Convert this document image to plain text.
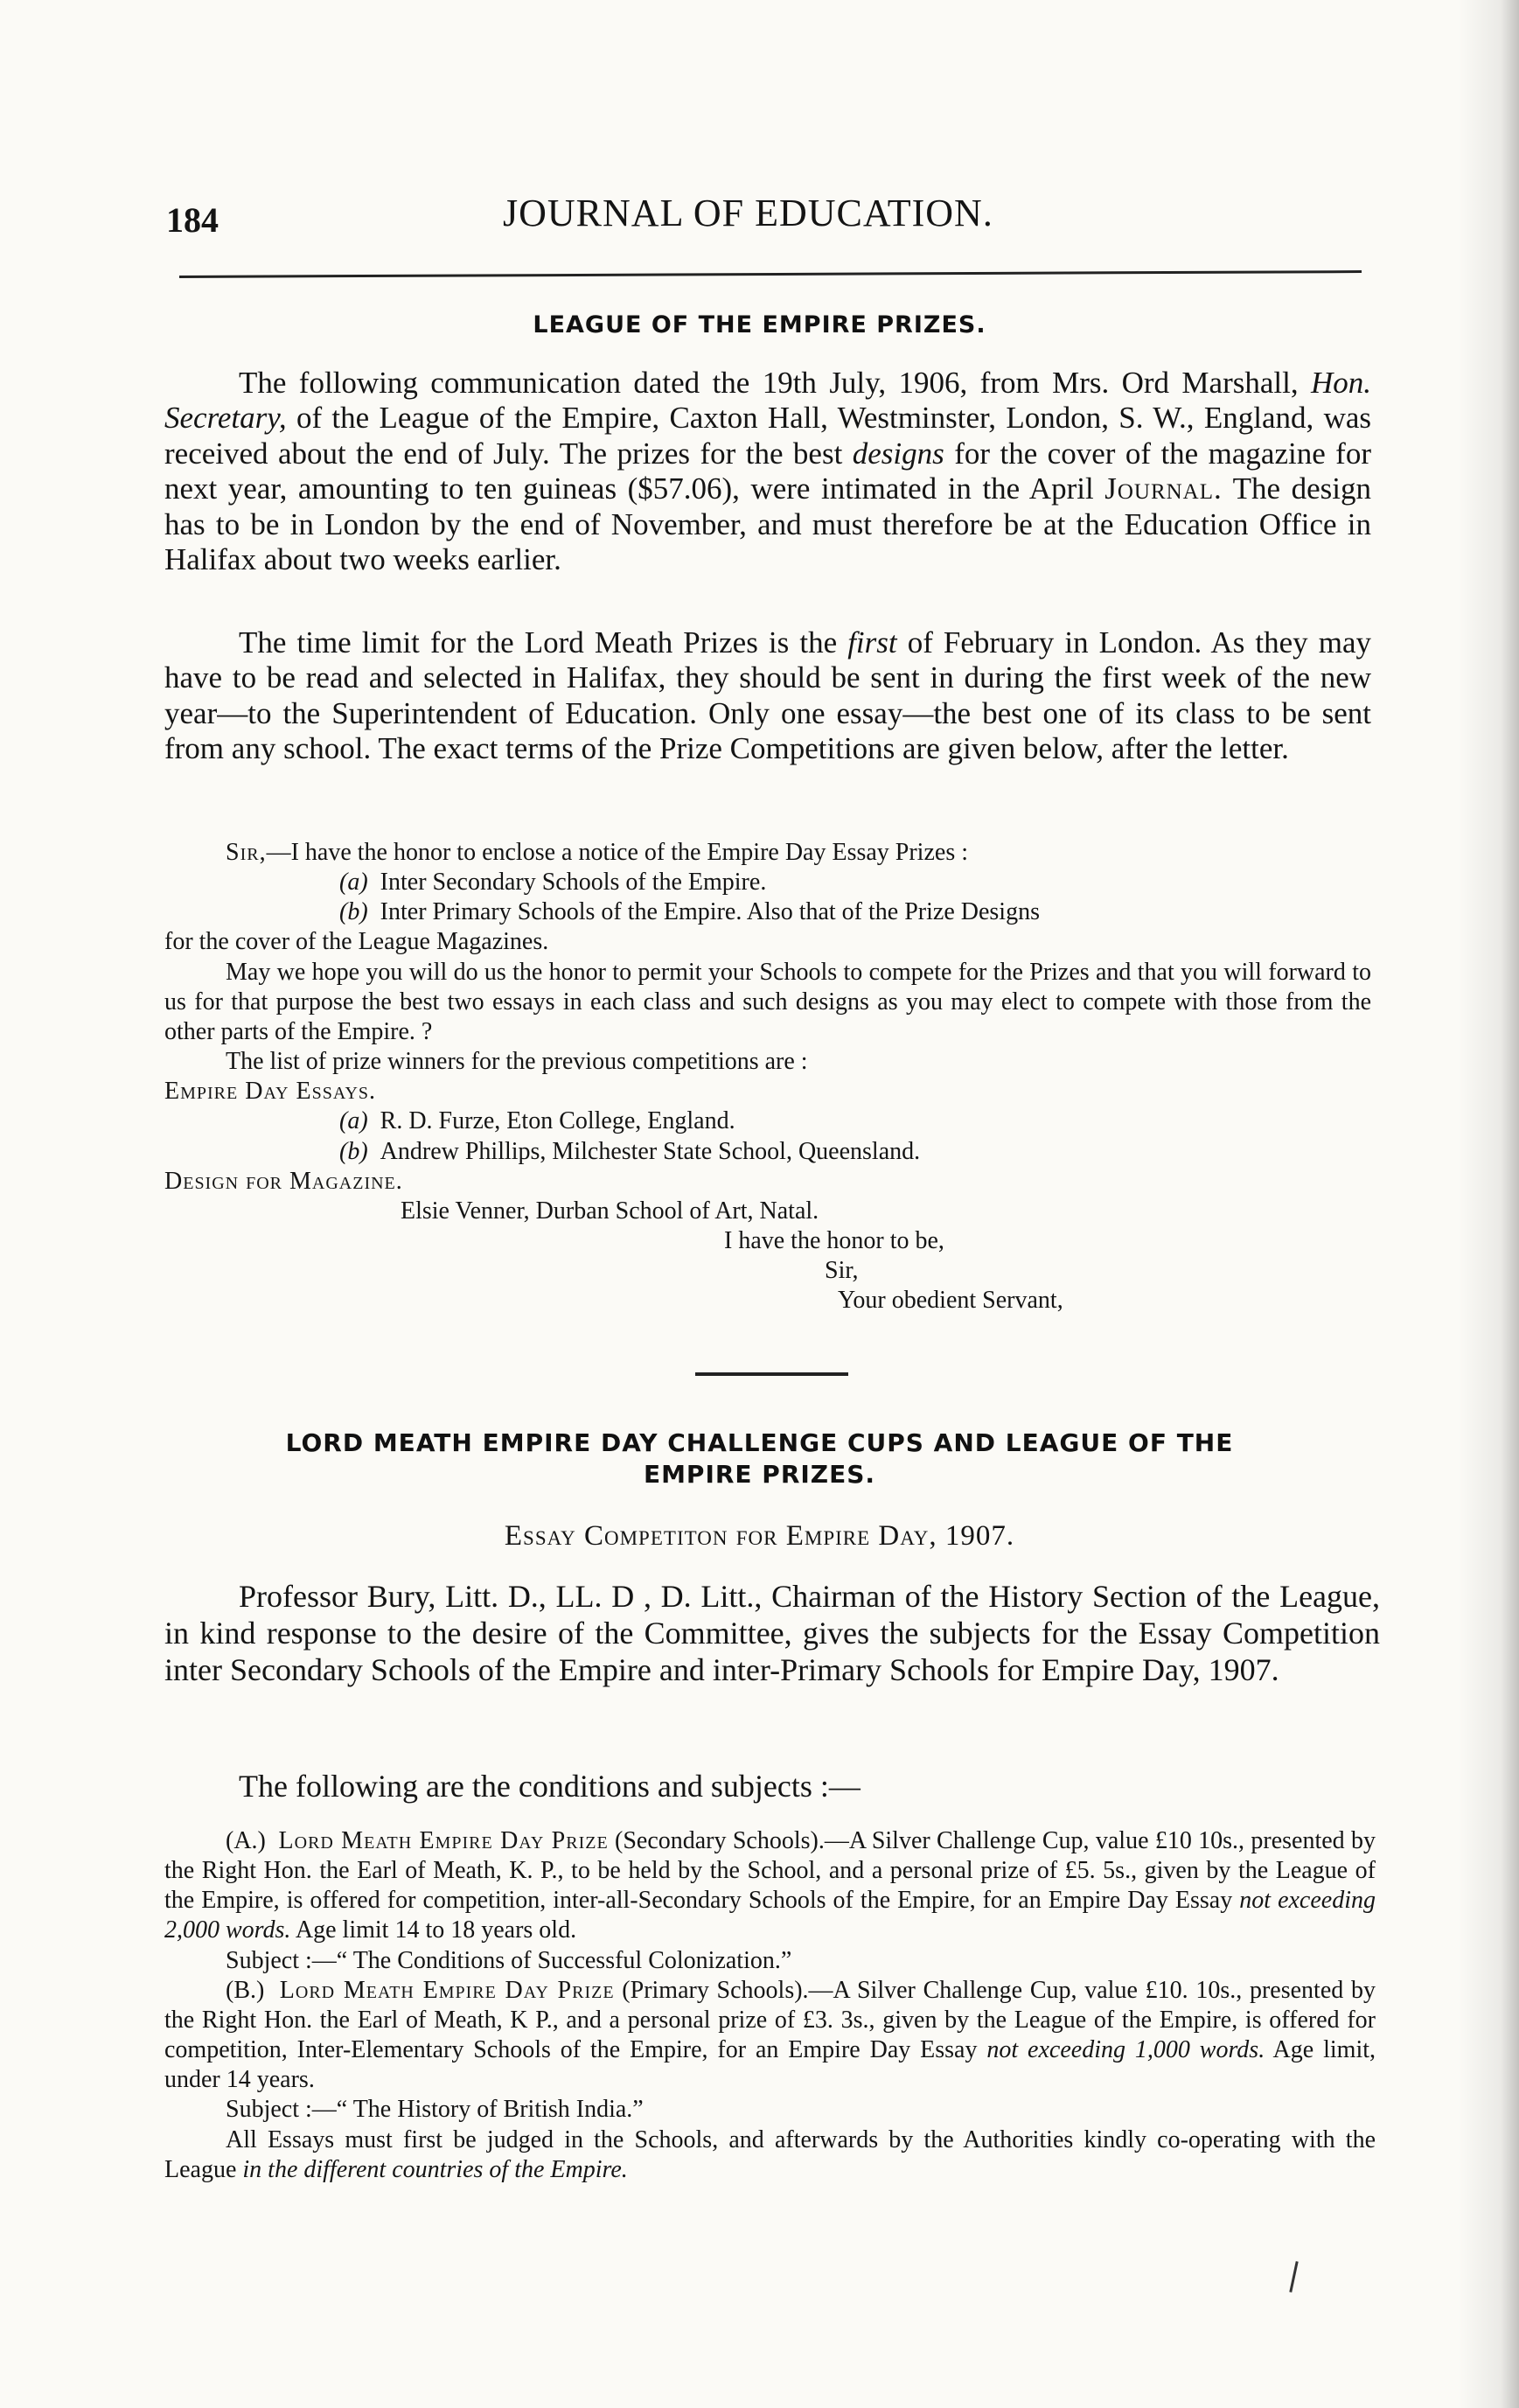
184	JOURNAL OF EDUCATION.
LEAGUE OF THE EMPIRE PRIZES.
The following communication dated the 19th July, 1906, from Mrs. Ord Marshall, Hon. Secretary, of the League of the Empire, Caxton Hall, Westminster, London, S. W., England, was received about the end of July. The prizes for the best designs for the cover of the magazine for next year, amounting to ten guineas ($57.06), were intimated in the April Journal. The design has to be in London by the end of November, and must therefore be at the Education Office in Halifax about two weeks earlier.
The time limit for the Lord Meath Prizes is the first of February in London. As they may have to be read and selected in Halifax, they should be sent in during the first week of the new year—to the Superintendent of Education. Only one essay—the best one of its class to be sent from any school. The exact terms of the Prize Competitions are given below, after the letter.
Sir,—I have the honor to enclose a notice of the Empire Day Essay Prizes :
(a) Inter Secondary Schools of the Empire.
(b) Inter Primary Schools of the Empire. Also that of the Prize Designs
for the cover of the League Magazines.
May we hope you will do us the honor to permit your Schools to compete for the Prizes and that you will forward to us for that purpose the best two essays in each class and such designs as you may elect to compete with those from the other parts of the Empire. ?
The list of prize winners for the previous competitions are :
Empire Day Essays.
(a) R. D. Furze, Eton College, England.
(b) Andrew Phillips, Milchester State School, Queensland.
Design for Magazine.
Elsie Venner, Durban School of Art, Natal.
I have the honor to be,
Sir,
Your obedient Servant,
LORD MEATH EMPIRE DAY CHALLENGE CUPS AND LEAGUE OF THE
EMPIRE PRIZES.
Essay Competiton for Empire Day, 1907.
Professor Bury, Litt. D., LL. D , D. Litt., Chairman of the History Section of the League, in kind response to the desire of the Committee, gives the subjects for the Essay Competition inter Secondary Schools of the Empire and inter-Primary Schools for Empire Day, 1907.
The following are the conditions and subjects :—
(A.) Lord Meath Empire Day Prize (Secondary Schools).—A Silver Challenge Cup, value £10 10s., presented by the Right Hon. the Earl of Meath, K. P., to be held by the School, and a personal prize of £5. 5s., given by the League of the Empire, is offered for competition, inter-all-Secondary Schools of the Empire, for an Empire Day Essay not exceeding 2,000 words. Age limit 14 to 18 years old.
Subject :—“ The Conditions of Successful Colonization.”
(B.) Lord Meath Empire Day Prize (Primary Schools).—A Silver Challenge Cup, value £10. 10s., presented by the Right Hon. the Earl of Meath, K P., and a personal prize of £3. 3s., given by the League of the Empire, is offered for competition, Inter-Elementary Schools of the Empire, for an Empire Day Essay not exceeding 1,000 words. Age limit, under 14 years.
Subject :—“ The History of British India.”
All Essays must first be judged in the Schools, and afterwards by the Authorities kindly co-operating with the League in the different countries of the Empire.
